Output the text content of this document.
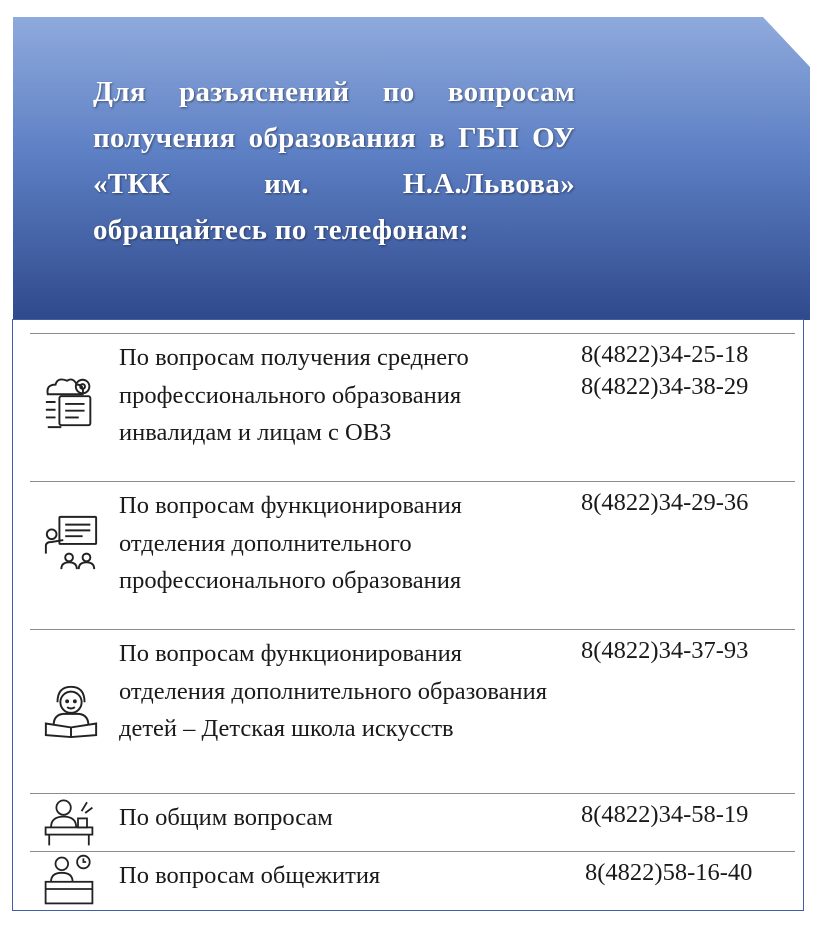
Для разъяснений по вопросам получения образования в ГБП ОУ «ТКК им. Н.А.Львова» обращайтесь по телефонам:
По вопросам получения среднего профессионального образования инвалидам и лицам с ОВЗ
8(4822)34-25-18
8(4822)34-38-29
По вопросам функционирования отделения дополнительного профессионального образования
8(4822)34-29-36
По вопросам функционирования отделения дополнительного образования детей – Детская школа искусств
8(4822)34-37-93
По общим вопросам	8(4822)34-58-19
По вопросам общежития	8(4822)58-16-40
